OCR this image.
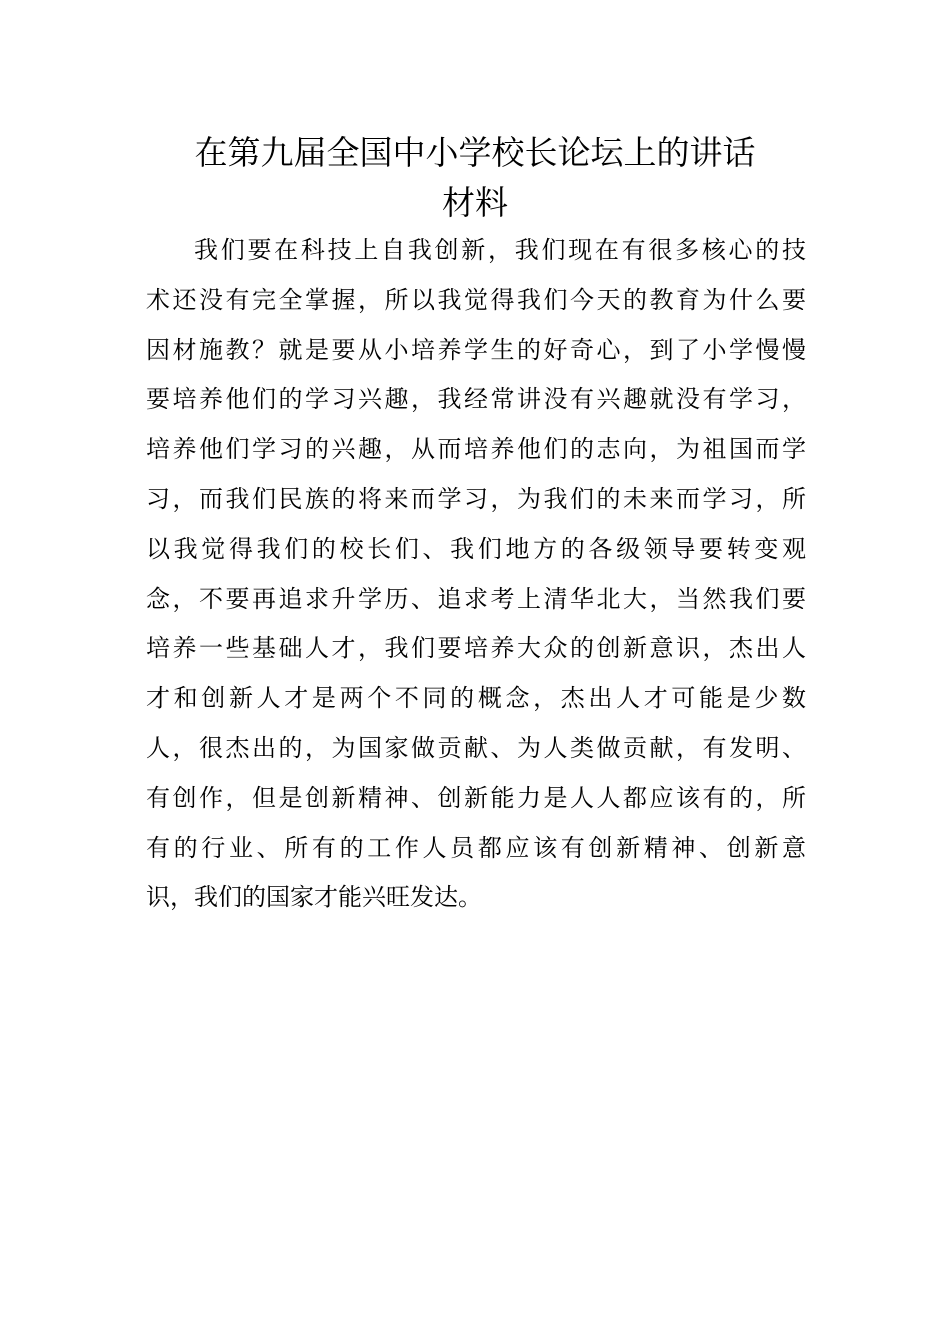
在第九届全国中小学校长论坛上的讲话
材料
我们要在科技上自我创新，我们现在有很多核心的技
术还没有完全掌握，所以我觉得我们今天的教育为什么要
因材施教？就是要从小培养学生的好奇心，到了小学慢慢
要培养他们的学习兴趣，我经常讲没有兴趣就没有学习，
培养他们学习的兴趣，从而培养他们的志向，为祖国而学
习，而我们民族的将来而学习，为我们的未来而学习，所
以我觉得我们的校长们、我们地方的各级领导要转变观
念，不要再追求升学历、追求考上清华北大，当然我们要
培养一些基础人才，我们要培养大众的创新意识，杰出人
才和创新人才是两个不同的概念，杰出人才可能是少数
人，很杰出的，为国家做贡献、为人类做贡献，有发明、
有创作，但是创新精神、创新能力是人人都应该有的，所
有的行业、所有的工作人员都应该有创新精神、创新意
识，我们的国家才能兴旺发达。
